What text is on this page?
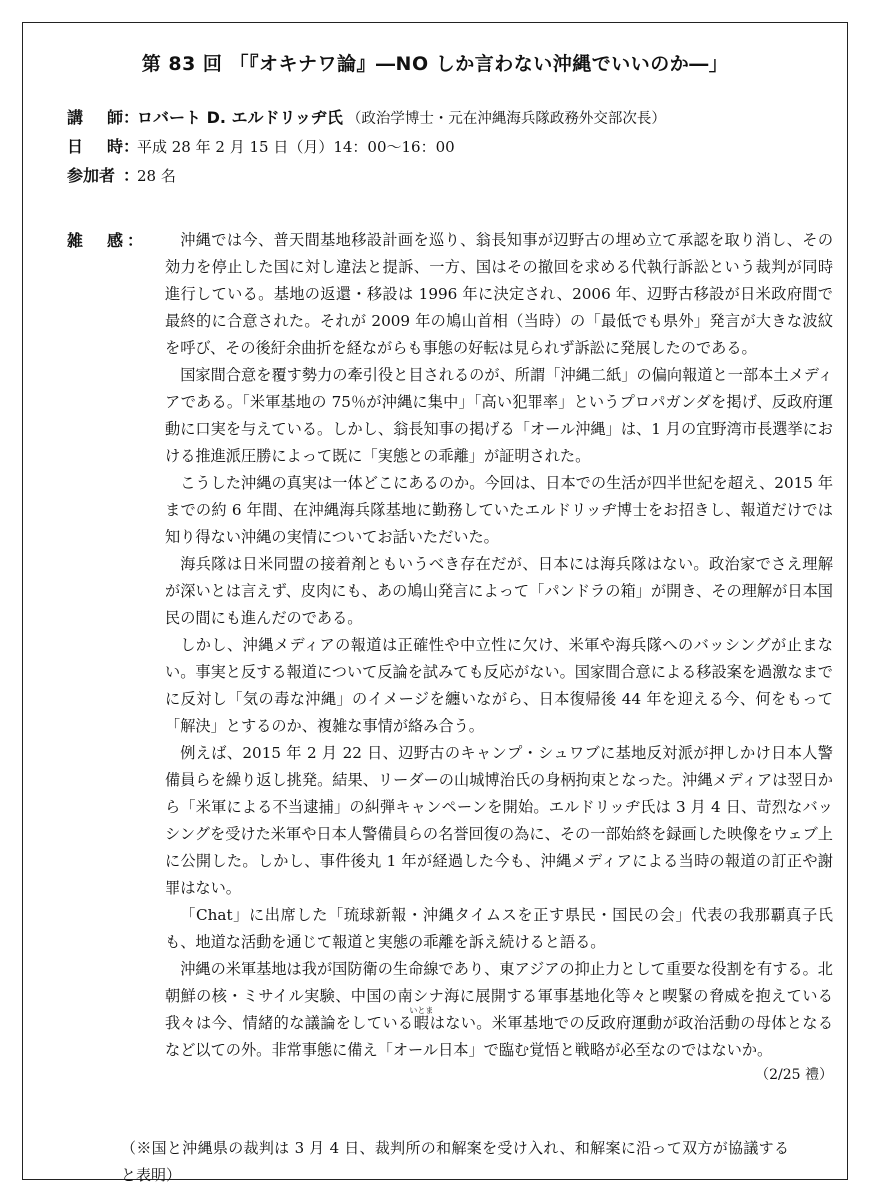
第 83 回 「『オキナワ論』―NO しか言わない沖縄でいいのか―」
講 師 ：
ロバート D. エルドリッヂ氏 （政治学博士・元在沖縄海兵隊政務外交部次長）
日 時 ：
平成 28 年 2 月 15 日（月）14：00〜16：00
参加者 ：
28 名
雑 感 ：	沖縄では今、普天間基地移設計画を巡り、翁長知事が辺野古の埋め立て承認を取り消し、その効力を停止した国に対し違法と提訴、一方、国はその撤回を求める代執行訴訟という裁判が同時進行している。基地の返還・移設は 1996 年に決定され、2006 年、辺野古移設が日米政府間で最終的に合意された。それが 2009 年の鳩山首相（当時）の「最低でも県外」発言が大きな波紋を呼び、その後紆余曲折を経ながらも事態の好転は見られず訴訟に発展したのである。

国家間合意を覆す勢力の牽引役と目されるのが、所謂「沖縄二紙」の偏向報道と一部本土メディアである。「米軍基地の 75％が沖縄に集中」「高い犯罪率」というプロパガンダを掲げ、反政府運動に口実を与えている。しかし、翁長知事の掲げる「オール沖縄」は、1 月の宜野湾市長選挙における推進派圧勝によって既に「実態との乖離」が証明された。

こうした沖縄の真実は一体どこにあるのか。今回は、日本での生活が四半世紀を超え、2015 年までの約 6 年間、在沖縄海兵隊基地に勤務していたエルドリッヂ博士をお招きし、報道だけでは知り得ない沖縄の実情についてお話いただいた。

海兵隊は日米同盟の接着剤ともいうべき存在だが、日本には海兵隊はない。政治家でさえ理解が深いとは言えず、皮肉にも、あの鳩山発言によって「パンドラの箱」が開き、その理解が日本国民の間にも進んだのである。

しかし、沖縄メディアの報道は正確性や中立性に欠け、米軍や海兵隊へのバッシングが止まない。事実と反する報道について反論を試みても反応がない。国家間合意による移設案を過激なまでに反対し「気の毒な沖縄」のイメージを纏いながら、日本復帰後 44 年を迎える今、何をもって「解決」とするのか、複雑な事情が絡み合う。

例えば、2015 年 2 月 22 日、辺野古のキャンプ・シュワブに基地反対派が押しかけ日本人警備員らを繰り返し挑発。結果、リーダーの山城博治氏の身柄拘束となった。沖縄メディアは翌日から「米軍による不当逮捕」の糾弾キャンペーンを開始。エルドリッヂ氏は 3 月 4 日、苛烈なバッシングを受けた米軍や日本人警備員らの名誉回復の為に、その一部始終を録画した映像をウェブ上に公開した。しかし、事件後丸 1 年が経過した今も、沖縄メディアによる当時の報道の訂正や謝罪はない。

「Chat」に出席した「琉球新報・沖縄タイムスを正す県民・国民の会」代表の我那覇真子氏も、地道な活動を通じて報道と実態の乖離を訴え続けると語る。

沖縄の米軍基地は我が国防衛の生命線であり、東アジアの抑止力として重要な役割を有する。北朝鮮の核・ミサイル実験、中国の南シナ海に展開する軍事基地化等々と喫緊の脅威を抱えている我々は今、情緒的な議論をしている暇いとまはない。米軍基地での反政府運動が政治活動の母体となるなど以ての外。非常事態に備え「オール日本」で臨む覚悟と戦略が必至なのではないか。

（2/25 禮）
（※国と沖縄県の裁判は 3 月 4 日、裁判所の和解案を受け入れ、和解案に沿って双方が協議すると表明）
